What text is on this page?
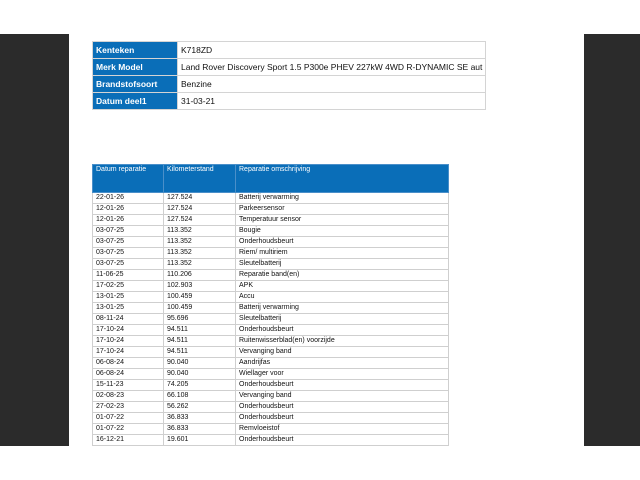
Kenteken	K718ZD
Merk Model	Land Rover Discovery Sport 1.5 P300e PHEV 227kW 4WD R-DYNAMIC SE aut
Brandstofsoort	Benzine
Datum deel1	31-03-21
Datum reparatie	Kilometerstand	Reparatie omschrijving
22-01-26	127.524	Batterij verwarming
12-01-26	127.524	Parkeersensor
12-01-26	127.524	Temperatuur sensor
03-07-25	113.352	Bougie
03-07-25	113.352	Onderhoudsbeurt
03-07-25	113.352	Riem/ multiriem
03-07-25	113.352	Sleutelbatterij
11-06-25	110.206	Reparatie band(en)
17-02-25	102.903	APK
13-01-25	100.459	Accu
13-01-25	100.459	Batterij verwarming
08-11-24	95.696	Sleutelbatterij
17-10-24	94.511	Onderhoudsbeurt
17-10-24	94.511	Ruitenwisserblad(en) voorzijde
17-10-24	94.511	Vervanging band
06-08-24	90.040	Aandrijfas
06-08-24	90.040	Wiellager voor
15-11-23	74.205	Onderhoudsbeurt
02-08-23	66.108	Vervanging band
27-02-23	56.262	Onderhoudsbeurt
01-07-22	36.833	Onderhoudsbeurt
01-07-22	36.833	Remvloeistof
16-12-21	19.601	Onderhoudsbeurt
